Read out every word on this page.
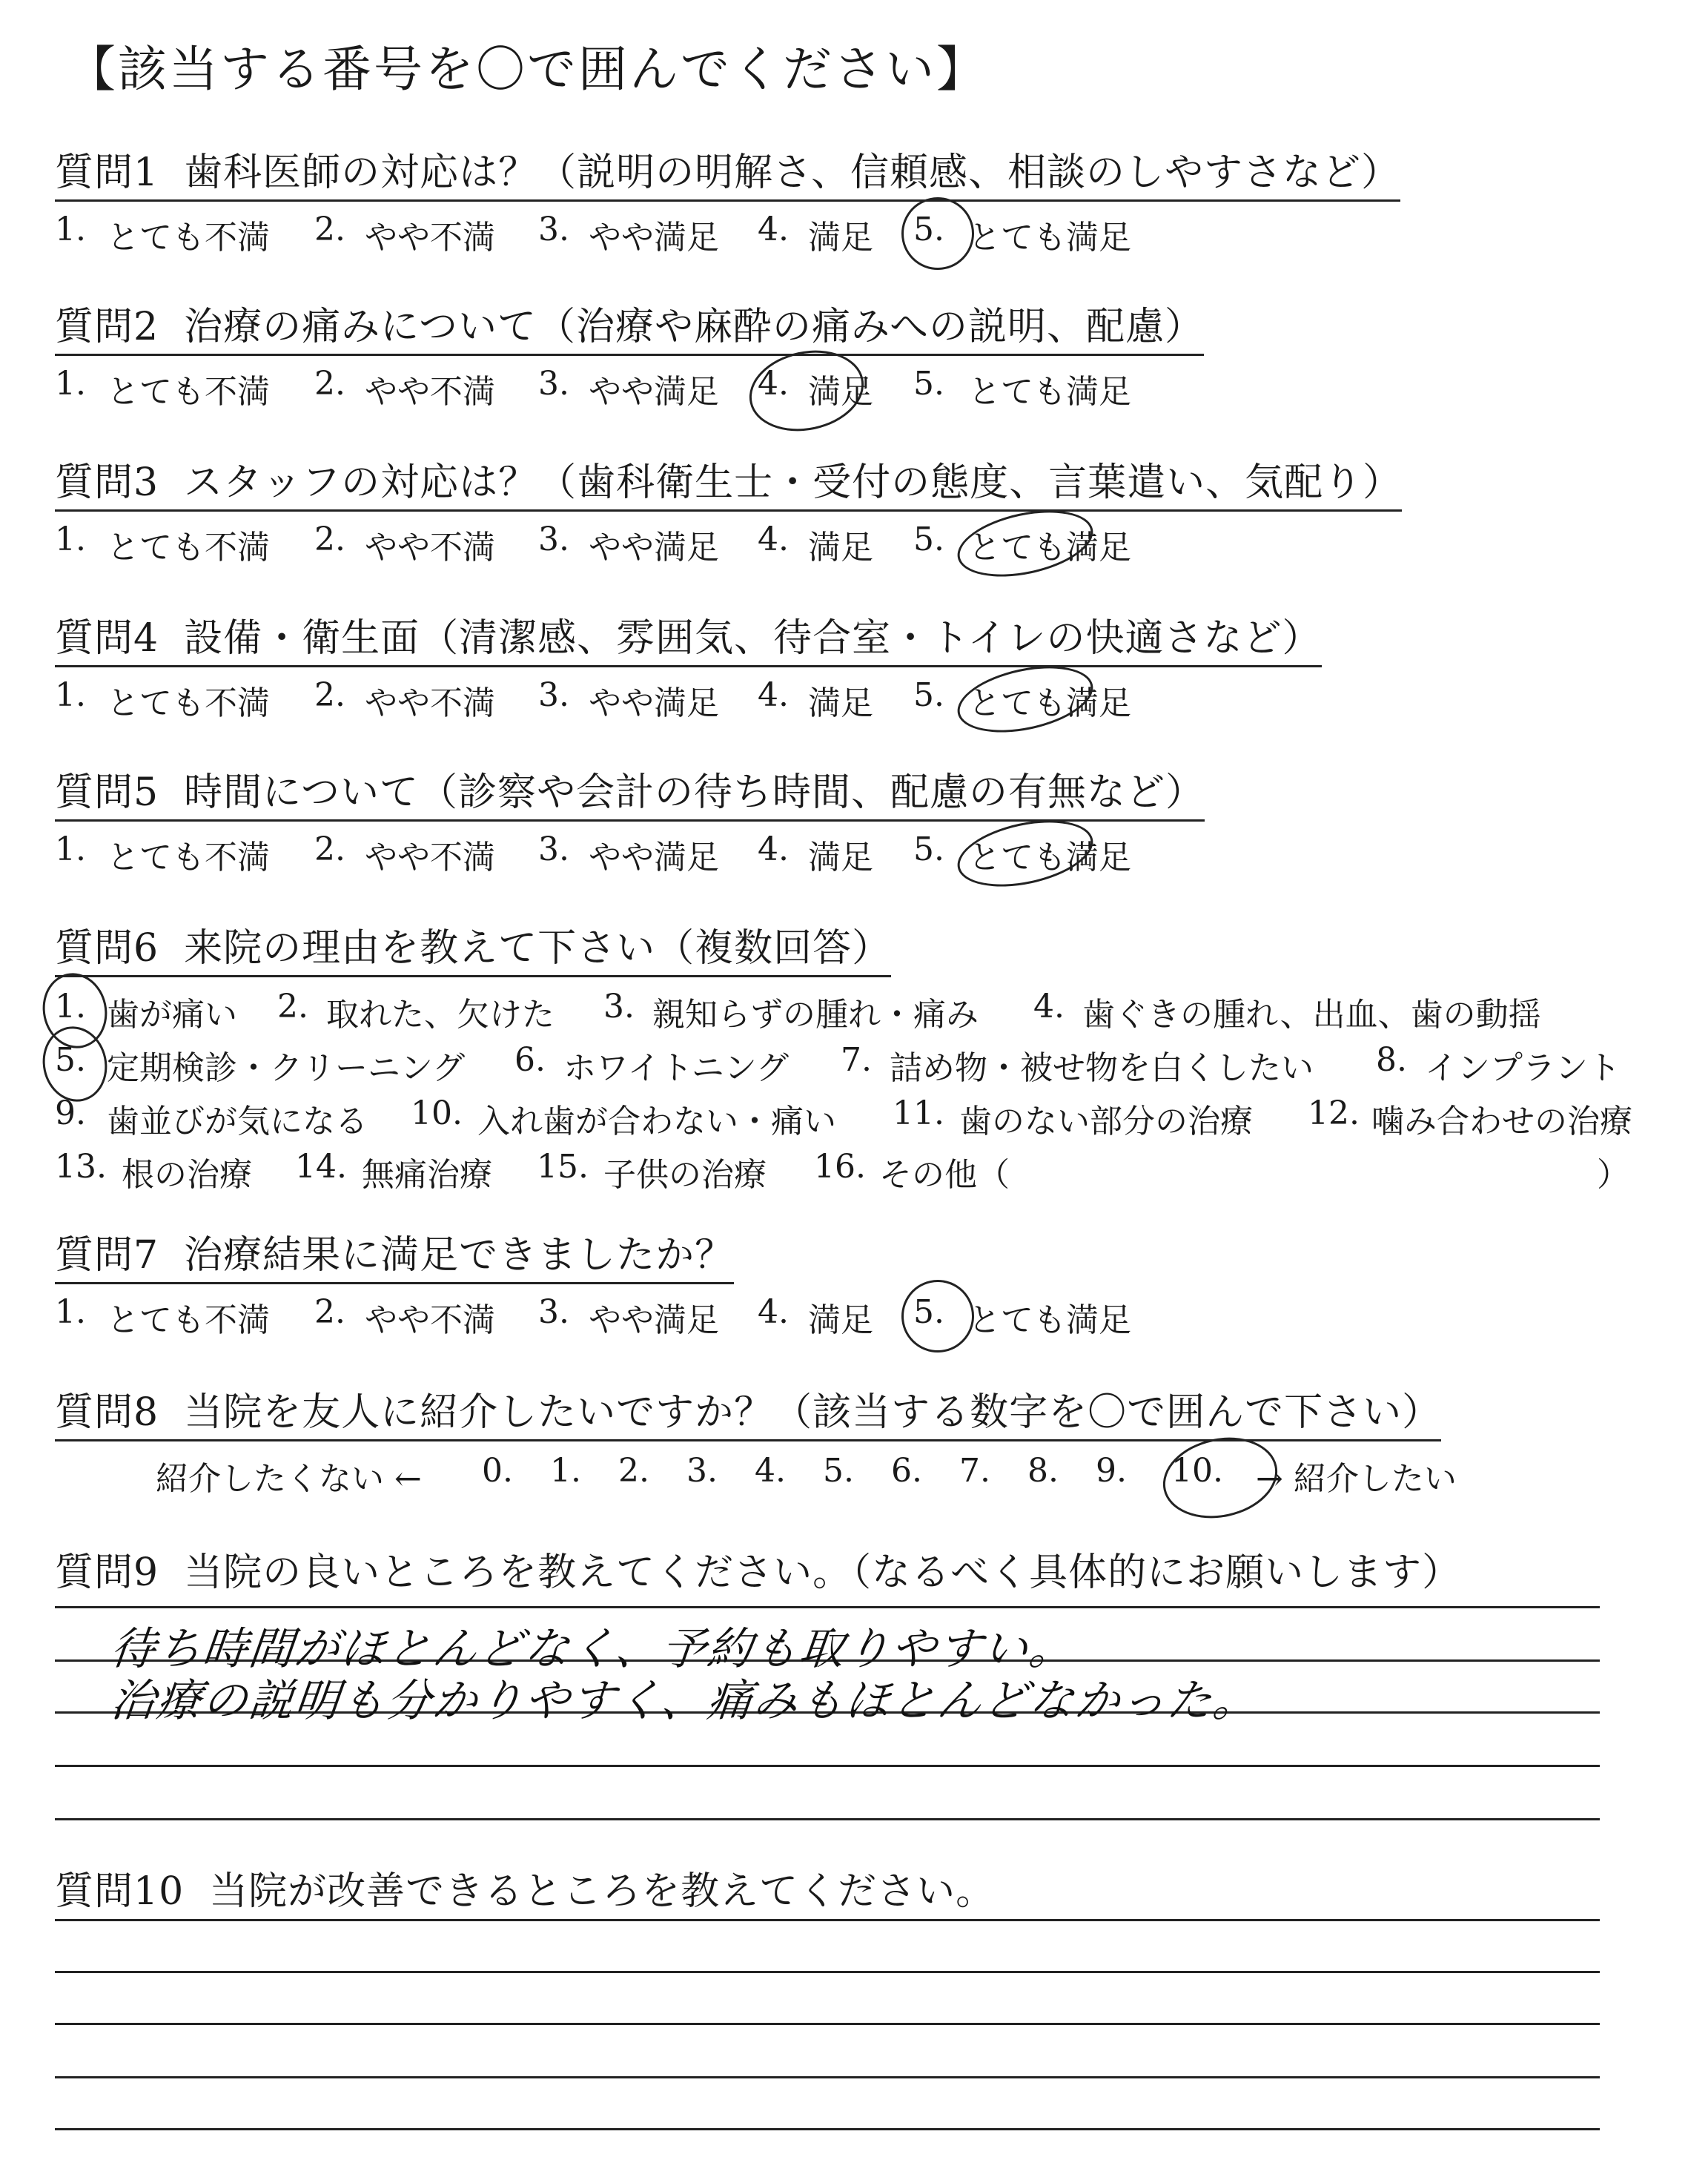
【該当する番号を〇で囲んでください】
質問1 歯科医師の対応は？（説明の明解さ、信頼感、相談のしやすさなど）
1. とても不満 2. やや不満 3. やや満足 4. 満足 5. とても満足
質問2 治療の痛みについて（治療や麻酔の痛みへの説明、配慮）
1. とても不満 2. やや不満 3. やや満足 4. 満足 5. とても満足
質問3 スタッフの対応は？（歯科衛生士・受付の態度、言葉遣い、気配り）
1. とても不満 2. やや不満 3. やや満足 4. 満足 5. とても満足
質問4 設備・衛生面（清潔感、雰囲気、待合室・トイレの快適さなど）
1. とても不満 2. やや不満 3. やや満足 4. 満足 5. とても満足
質問5 時間について（診察や会計の待ち時間、配慮の有無など）
1. とても不満 2. やや不満 3. やや満足 4. 満足 5. とても満足
質問6 来院の理由を教えて下さい（複数回答）
1. 歯が痛い 2. 取れた、欠けた 3. 親知らずの腫れ・痛み 4. 歯ぐきの腫れ、出血、歯の動揺
5. 定期検診・クリーニング 6. ホワイトニング 7. 詰め物・被せ物を白くしたい 8. インプラント
9. 歯並びが気になる 10. 入れ歯が合わない・痛い 11. 歯のない部分の治療 12. 噛み合わせの治療
13. 根の治療 14. 無痛治療 15. 子供の治療 16. その他（	）
質問7 治療結果に満足できましたか？
1. とても不満 2. やや不満 3. やや満足 4. 満足 5. とても満足
質問8 当院を友人に紹介したいですか？（該当する数字を〇で囲んで下さい）
紹介したくない ← 0. 1. 2. 3. 4. 5. 6. 7. 8. 9. 10. → 紹介したい
質問9 当院の良いところを教えてください。（なるべく具体的にお願いします）
待ち時間がほとんどなく、予約も取りやすい。
治療の説明も分かりやすく、痛みもほとんどなかった。
質問10 当院が改善できるところを教えてください。
